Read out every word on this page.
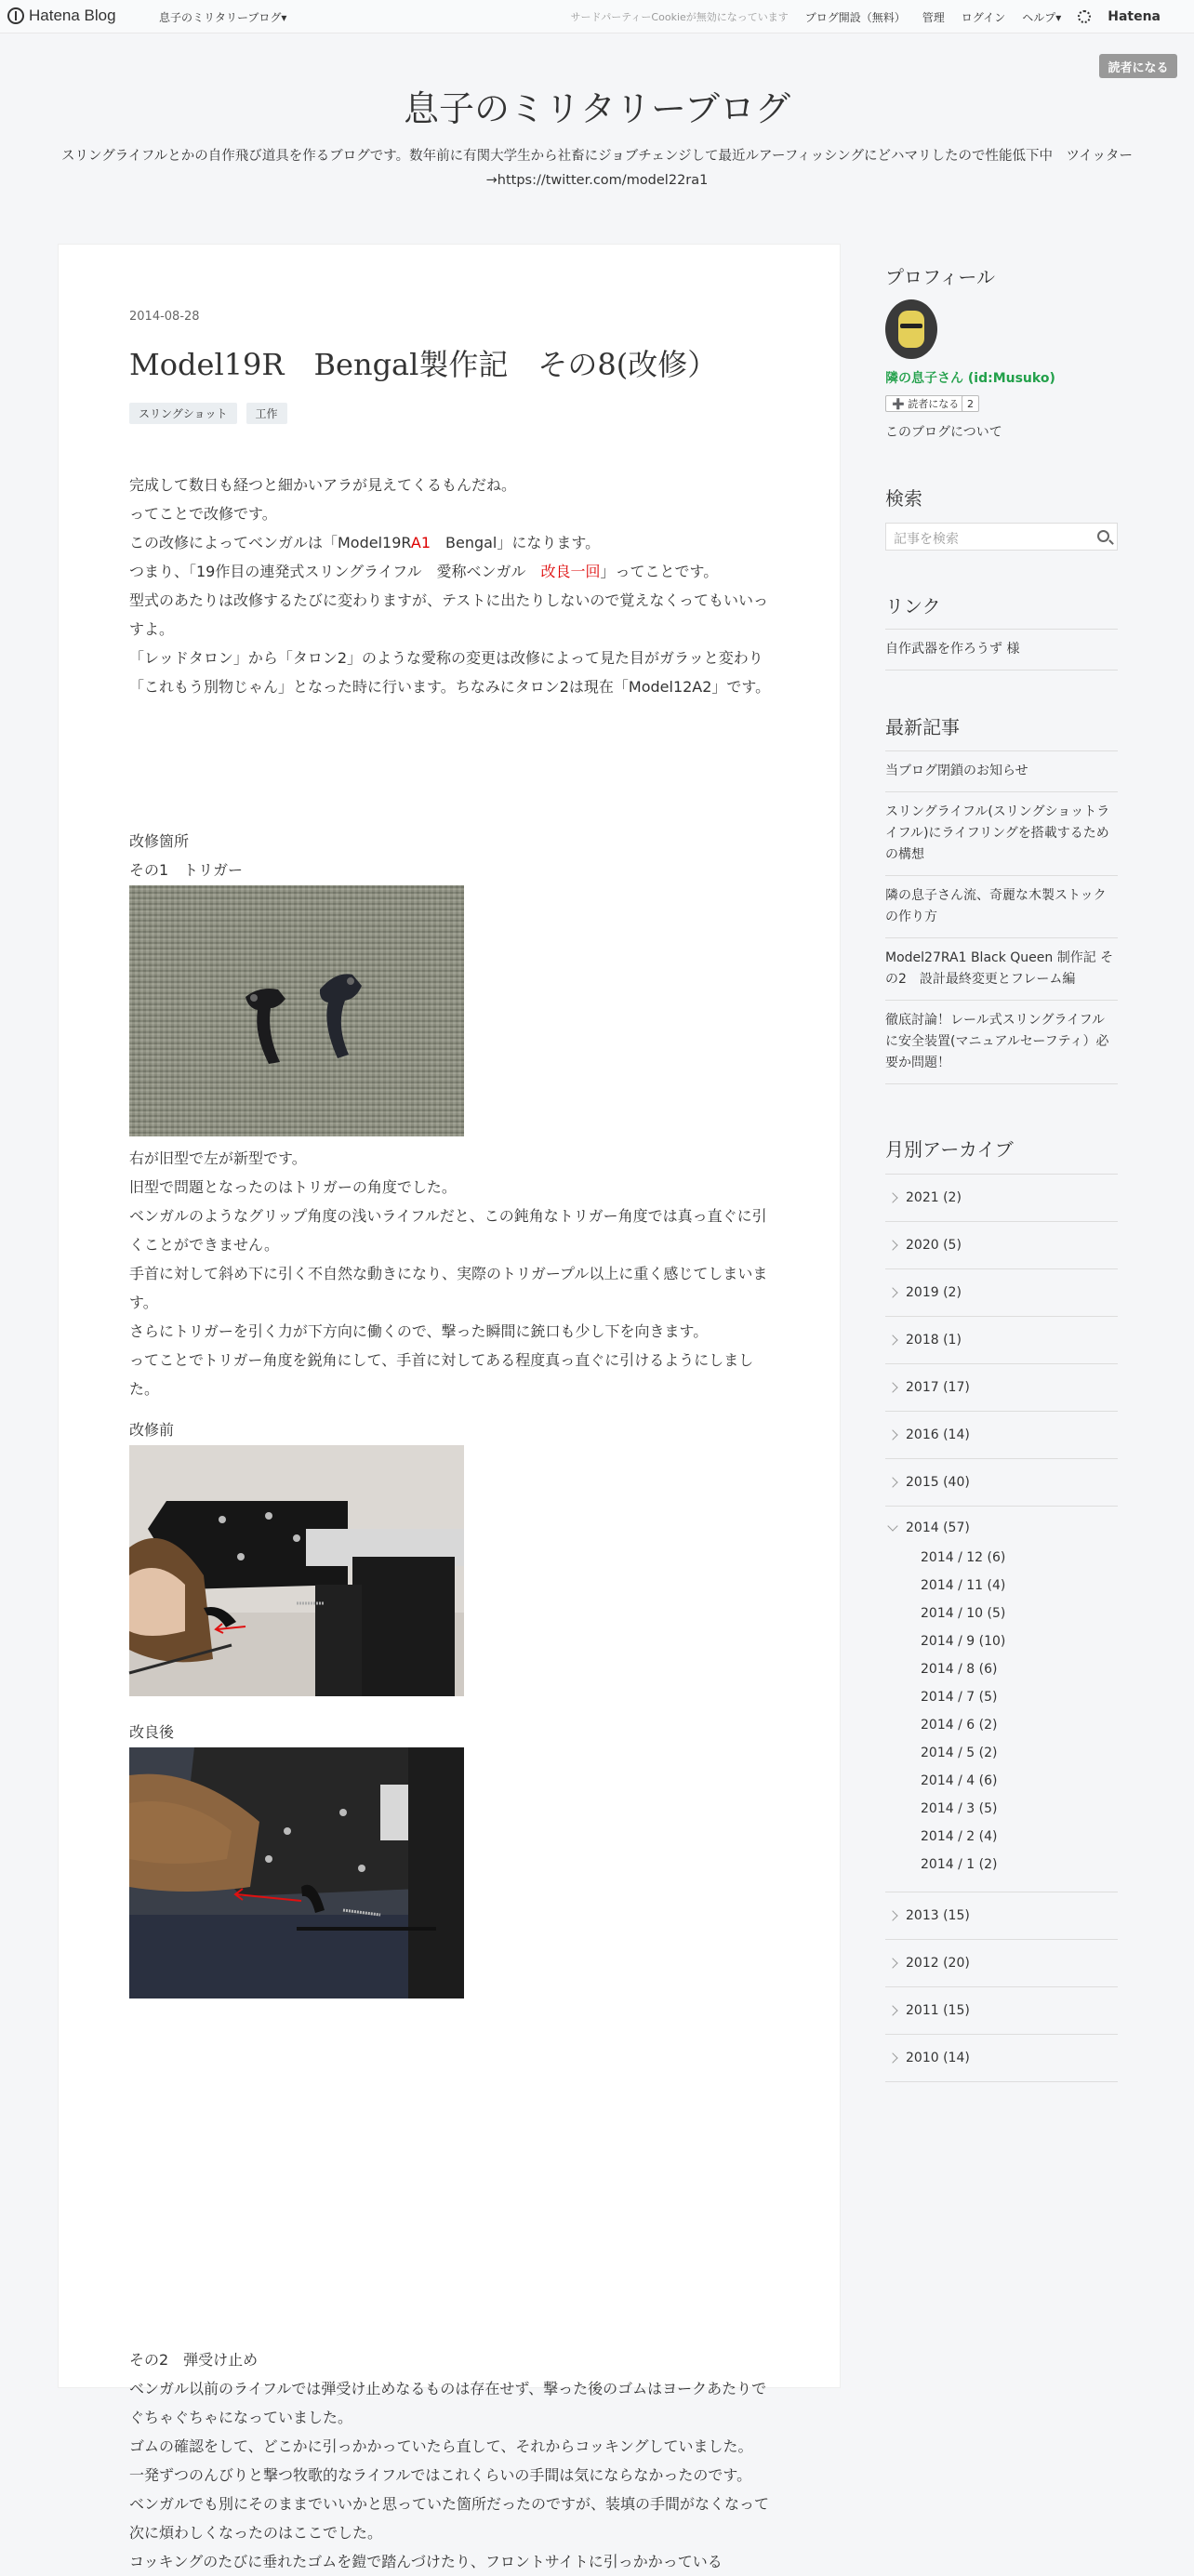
Hatena Blog	息子のミリタリーブログ▾	サードパーティーCookieが無効になっています ブログ開設（無料） 管理 ログイン ヘルプ▾	Hatena
読者になる
息子のミリタリーブログ

スリングライフルとかの自作飛び道具を作るブログです。数年前に有関大学生から社畜にジョブチェンジして最近ルアーフィッシングにどハマリしたので性能低下中　ツイッター→https://twitter.com/model22ra1

2014-08-28
Model19R　Bengal製作記　その8(改修）
スリングショット	工作
完成して数日も経つと細かいアラが見えてくるもんだね。
ってことで改修です。
この改修によってベンガルは「Model19RA1　Bengal」になります。
つまり、「19作目の連発式スリングライフル　愛称ベンガル　改良一回」ってことです。
型式のあたりは改修するたびに変わりますが、テストに出たりしないので覚えなくってもいいっすよ。
「レッドタロン」から「タロン2」のような愛称の変更は改修によって見た目がガラッと変わり「これもう別物じゃん」となった時に行います。ちなみにタロン2は現在「Model12A2」です。
改修箇所
その1　トリガー
右が旧型で左が新型です。
旧型で問題となったのはトリガーの角度でした。
ベンガルのようなグリップ角度の浅いライフルだと、この鈍角なトリガー角度では真っ直ぐに引くことができません。
手首に対して斜め下に引く不自然な動きになり、実際のトリガープル以上に重く感じてしまいます。
さらにトリガーを引く力が下方向に働くので、撃った瞬間に銃口も少し下を向きます。
ってことでトリガー角度を鋭角にして、手首に対してある程度真っ直ぐに引けるようにしました。
改修前
改良後
その2　弾受け止め
ベンガル以前のライフルでは弾受け止めなるものは存在せず、撃った後のゴムはヨークあたりでぐちゃぐちゃになっていました。
ゴムの確認をして、どこかに引っかかっていたら直して、それからコッキングしていました。
一発ずつのんびりと撃つ牧歌的なライフルではこれくらいの手間は気にならなかったのです。
ベンガルでも別にそのままでいいかと思っていた箇所だったのですが、装填の手間がなくなって次に煩わしくなったのはここでした。
コッキングのたびに垂れたゴムを鎧で踏んづけたり、フロントサイトに引っかかっている
プロフィール
隣の息子さん (id:Musuko)
➕ 読者になる 2
このブログについて
検索
記事を検索
リンク
自作武器を作ろうず 様
最新記事
当ブログ閉鎖のお知らせ
スリングライフル(スリングショットライフル)にライフリングを搭載するための構想
隣の息子さん流、奇麗な木製ストックの作り方
Model27RA1 Black Queen 制作記 その2　設計最終変更とフレーム編
徹底討論！レール式スリングライフルに安全装置(マニュアルセーフティ）必要か問題！
月別アーカイブ
2021 (2)
2020 (5)
2019 (2)
2018 (1)
2017 (17)
2016 (14)
2015 (40)
2014 (57)
2014 / 12 (6)
2014 / 11 (4)
2014 / 10 (5)
2014 / 9 (10)
2014 / 8 (6)
2014 / 7 (5)
2014 / 6 (2)
2014 / 5 (2)
2014 / 4 (6)
2014 / 3 (5)
2014 / 2 (4)
2014 / 1 (2)
2013 (15)
2012 (20)
2011 (15)
2010 (14)
